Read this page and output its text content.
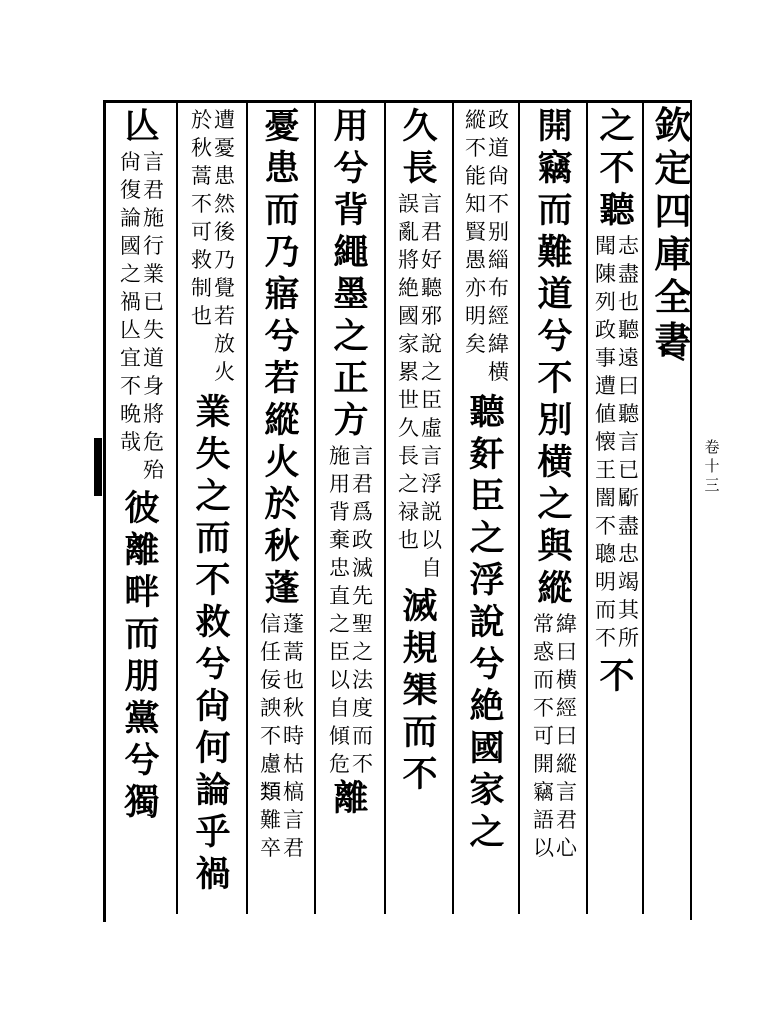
欽
定
四
庫
全
書
卷
十
三
之
不
聽
志
盡
也
聽
遠
曰
聽
言
已
𣃁
盡
忠
竭
其
所
聞
陳
列
政
事
遭
値
懐
王
闇
不
聰
明
而
不
不
開
竊
而
難
道
兮
不
別
横
之
與
縱
緯
曰
横
經
曰
縱
言
君
心
常
惑
而
不
可
開
竊
語
以
政
道
尙
不
别
緇
布
經
緯
横
縱
不
能
知
賢
愚
亦
明
矣
聽
姧
臣
之
浮
說
兮
絶
國
家
之
久
長
言
君
好
聽
邪
說
之
臣
虛
言
浮
説
以
自
誤
亂
將
絶
國
家
累
世
久
長
之
禄
也
滅
規
榘
而
不
用
兮
背
繩
墨
之
正
方
言
君
爲
政
滅
先
聖
之
法
度
而
不
施
用
背
棄
忠
直
之
臣
以
自
傾
危
離
憂
患
而
乃
寤
兮
若
縱
火
於
秋
蓬
蓬
蒿
也
秋
時
枯
槁
言
君
信
任
佞
諛
不
慮
𩔖
難
卒
遭
憂
患
然
後
乃
覺
若
放
火
於
秋
蒿
不
可
救
制
也
業
失
之
而
不
救
兮
尙
何
論
乎
禍
亾
言
君
施
行
業
已
失
道
身
將
危
殆
尙
復
論
國
之
禍
亾
宜
不
晩
哉
彼
離
畔
而
朋
黨
兮
獨
